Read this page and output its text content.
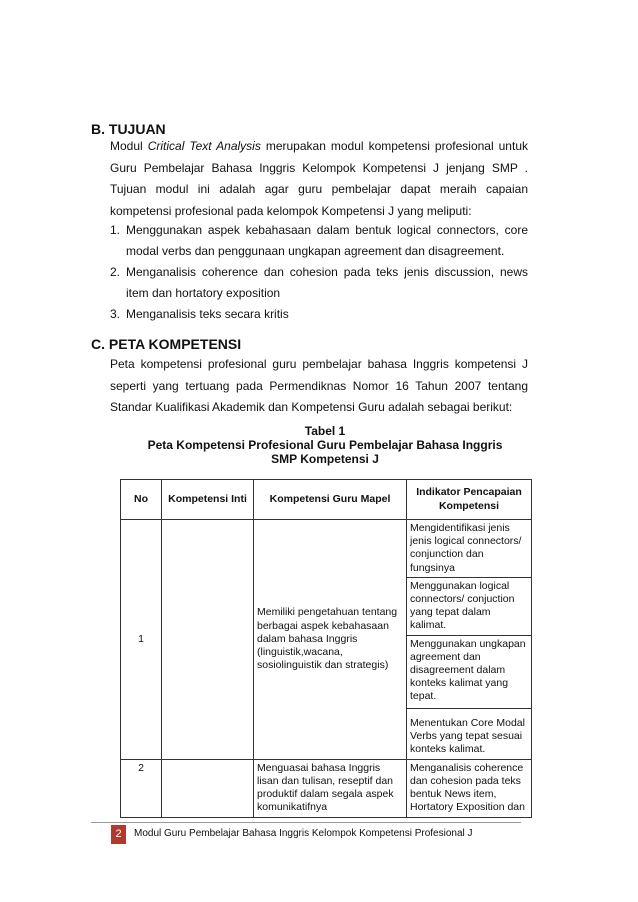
B. TUJUAN
Modul Critical Text Analysis merupakan modul kompetensi profesional untuk Guru Pembelajar Bahasa Inggris Kelompok Kompetensi J jenjang SMP . Tujuan modul ini adalah agar guru pembelajar dapat meraih capaian kompetensi profesional pada kelompok Kompetensi J yang meliputi:
1. Menggunakan aspek kebahasaan dalam bentuk logical connectors, core modal verbs dan penggunaan ungkapan agreement dan disagreement.
2. Menganalisis coherence dan cohesion pada teks jenis discussion, news item dan hortatory exposition
3. Menganalisis teks secara kritis
C. PETA KOMPETENSI
Peta kompetensi profesional guru pembelajar bahasa Inggris kompetensi J seperti yang tertuang pada Permendiknas Nomor 16 Tahun 2007 tentang Standar Kualifikasi Akademik dan Kompetensi Guru adalah sebagai berikut:
Tabel 1
Peta Kompetensi Profesional Guru Pembelajar Bahasa Inggris
SMP Kompetensi J
No	Kompetensi Inti	Kompetensi Guru Mapel	Indikator Pencapaian Kompetensi
1		Memiliki pengetahuan tentang berbagai aspek kebahasaan dalam bahasa Inggris (linguistik,wacana, sosiolinguistik dan strategis)	Mengidentifikasi jenis jenis logical connectors/ conjunction dan fungsinya
			Menggunakan logical connectors/ conjuction yang tepat dalam kalimat.
			Menggunakan ungkapan agreement dan disagreement dalam konteks kalimat yang tepat.
			Menentukan Core Modal Verbs yang tepat sesuai konteks kalimat.
2		Menguasai bahasa Inggris lisan dan tulisan, reseptif dan produktif dalam segala aspek komunikatifnya	Menganalisis coherence dan cohesion pada teks bentuk News item, Hortatory Exposition dan
2	Modul Guru Pembelajar Bahasa Inggris Kelompok Kompetensi Profesional J
